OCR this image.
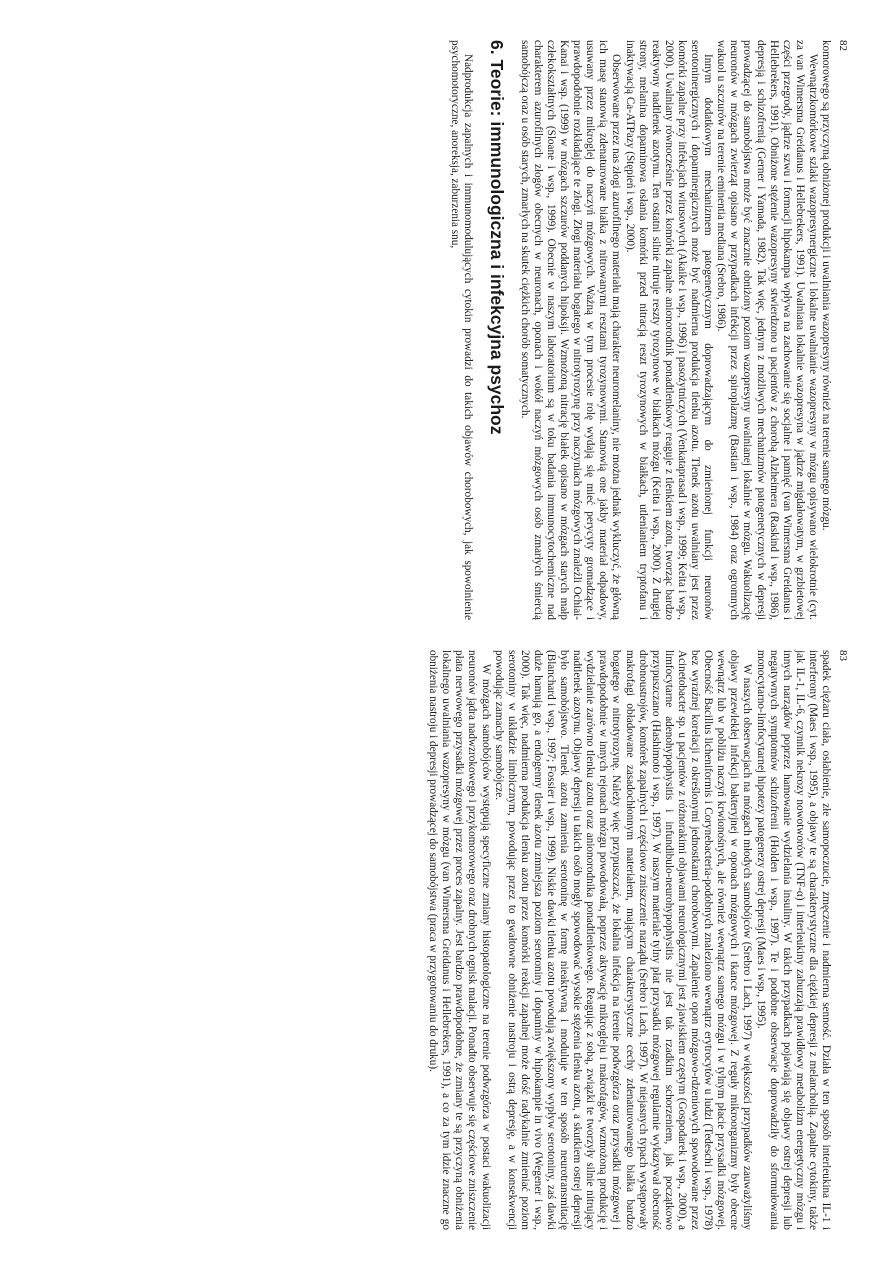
82

komorowego są przyczyną obniżonej produkcji i uwalniania wazopresyny również na terenie samego mózgu.

Wewnątrzkomórkowe szlaki wazopresynergiczne i lokalne uwalnianie wazopresyny w mózgu opisywano wielokrotnie (cyt. za van Wimersma Greidanus i Hellebrekers, 1991). Uwalniana lokalnie wazopresyna w jądrze migdałowatym, w grzbietowej części przegrody, jądrze szwu i formacji hipokampa wpływa na zachowanie się socjalne i pamięć (van Wimersma Greidanus i Hellebrekers, 1991). Obniżone stężenie wazopresyny stwierdzono u pacjentów z chorobą Alzheimera (Raskind i wsp., 1986), depresją i schizofrenią (Gerner i Yamada, 1982). Tak więc, jednym z możliwych mechanizmów patogenetycznych w depresji prowadzącej do samobójstwa może być znacznie obniżony poziom wazopresyny uwalnianej lokalnie w mózgu. Wakuolizację neuronów w mózgach zwierząt opisano w przypadkach infekcji przez spiroplazmę (Bastian i wsp., 1984) oraz ogromnych wakuol u szczurów na terenie eminentia mediana (Srebro, 1986).

Innym dodatkowym mechanizmem patogenetycznym doprowadzającym do zmienionej funkcji neuronów serotoninergicznych i dopaminergicznych może być nadmierna produkcja tlenku azotu. Tlenek azotu uwalniany jest przez komórki zapalne przy infekcjach wirusowych (Akaike i wsp., 1996) i pasożytniczych (Venkataprasad i wsp., 1999; Keita i wsp., 2000). Uwalniany równocześnie przez komórki zapalne anionorodnik ponadtlenkowy reaguje z tlenkiem azotu, tworząc bardzo reaktywny nadtlenek azotynu. Ten ostatni silnie nitruje reszty tyrozynowe w białkach mózgu (Keita i wsp., 2000). Z drugiej strony, melanina dopaminowa osłania komórki przed nitracją reszt tyrozynowych w białkach, utlenianiem tryptofanu i inaktywacją Ca-ATPazy (Stępień i wsp., 2000).

Obserwowane przez nas złogi azurofilnego materiału mają charakter neuromelaniny, nie można jednak wykluczyć, że główną ich masę stanowią zdenaturowane białka z nitrowanymi resztami tyrozynowymi. Stanowią one jakby materiał odpadowy, usuwany przez mikroglej do naczyń mózgowych. Ważną w tym procesie rolę wydają się mieć perycyty gromadzące i prawdopodobnie rozkładające te złogi. Złogi materiału bogatego w nitrotyrozynę przy naczyniach mózgowych znaleźli Ochiai-Kanai i wsp. (1999) w mózgach szczurów poddanych hipoksji. Wzmożoną nitrację białek opisano w mózgach starych małp człekokształtnych (Sloane i wsp., 1999). Obecnie w naszym laboratorium są w toku badania immunocytochemiczne nad charakterem azurofilnych złogów obecnych w neuronach, oponach i wokół naczyń mózgowych osób zmarłych śmiercią samobójczą oraz u osób starych, zmarłych na skutek ciężkich chorób somatycznych.

6. Teorie: immunologiczna i infekcyjna psychoz

Nadprodukcja zapalnych i immunomodulujących cytokin prowadzi do takich objawów chorobowych, jak spowolnienie psychomotoryczne, anoreksja, zaburzenia snu,

83

spadek ciężaru ciała, osłabienie, złe samopoczucie, zmęczenie i nadmierna senność. Działa w ten sposób interleukina IL-1 i interferony (Maes i wsp., 1995), a objawy te są charakterystyczne dla ciężkiej depresji z melancholią. Zapalne cytokiny, także jak IL-1, IL-6, czynnik nekrozy nowotworów (TNF-α) i interleukiny zaburzają prawidłowy metabolizm energetyczny mózgu i innych narządów poprzez hamowanie wydzielania insuliny. W takich przypadkach pojawiają się objawy ostrej depresji lub negatywnych symptomów schizofrenii (Holden i wsp., 1997). Te i podobne obserwacje doprowadziły do sformułowania monocytarno-limfocytarnej hipotezy patogenezy ostrej depresji (Maes i wsp., 1995).

W naszych obserwacjach na mózgach młodych samobójców (Srebro i Lach, 1997) w większości przypadków zauważyliśmy objawy przewlekłej infekcji bakteryjnej w oponach mózgowych i tkance mózgowej. Z reguły mikroorganizmy były obecne wewnątrz lub w pobliżu naczyń krwionośnych, ale również wewnątrz samego mózgu i w tylnym płacie przysadki mózgowej. Obecność Bacillus licheniformis i Corynebacteria-podobnych znaleziono wewnątrz erytrocytów u ludzi (Tedeschi i wsp., 1978) bez wyraźnej korelacji z określonymi jednostkami chorobowymi. Zapalenie opon mózgowo-rdzeniowych spowodowane przez Acinetobacter sp. u pacjentów z różnorakimi objawami neurologicznymi jest zjawiskiem częstym (Gospodarek i wsp., 2000), a limfocytarne adenohypophysitis i infundibulo-neurohypophysitis nie jest tak rzadkim schorzeniem, jak początkowo przypuszczano (Hashimoto i wsp., 1997). W naszym materiale tylny płat przysadki mózgowej regularnie wykazywał obecność drobnoustrojów, komórek zapalnych i częściowo zniszczenie narządu (Srebro i Lach, 1997). W niejasnych typach występowały makrofagi obładowane zasadochłonnym materiałem, mającym charakterystyczne cechy zdenaturowanego białka bardzo bogatego w nitrotyrozynę. Należy więc przypuszczać, że lokalna infekcja na terenie podwzgórza oraz przysadki mózgowej i prawdopodobnie w innych rejonach mózgu powodowała, poprzez aktywację mikrogleju i makrofagów, wzmożoną produkcję i wydzielanie zarówno tlenku azotu oraz anionorodnika ponadtlenkowego. Reagując z sobą, związki te tworzyły silnie nitrujący nadtlenek azotynu. Objawy depresji u takich osób mogły spowodować wysokie stężenia tlenku azotu, a skutkiem ostrej depresji było samobójstwo. Tlenek azotu zamienia serotoninę w formę nieaktywną i moduluje w ten sposób neurotransmitację (Blanchard i wsp., 1997; Fossier i wsp., 1999). Niskie dawki tlenku azotu powodują zwiększony wypływ serotoniny, zaś dawki duże hamują go, a endogenny tlenek azotu zmniejsza poziom serotoniny i dopaminy w hipokampie in vivo (Wegener i wsp., 2000). Tak więc, nadmierna produkcja tlenku azotu przez komórki reakcji zapalnej może dość radykalnie zmieniać poziom serotoniny w układzie limbicznym, powodując przez to gwałtowne obniżenie nastroju i ostrą depresję, a w konsekwencji powodując zamachy samobójcze.

W mózgach samobójców występują specyficzne zmiany histopatologiczne na terenie podwzgórza w postaci wakuolizacji neuronów jądra nadwzrokowego i przykomorowego oraz drobnych ognisk malacji. Ponadto obserwuje się częściowe zniszczenie płata nerwowego przysadki mózgowej przez proces zapalny. Jest bardzo prawdopodobne, że zmiany te są przyczyną obniżenia lokalnego uwalniania wazopresyny w mózgu (van Wimersma Greidanus i Hellebrekers, 1991), a co za tym idzie znaczne go obniżenia nastroju i depresji prowadzącej do samobójstwa (praca w przygotowaniu do druku).
